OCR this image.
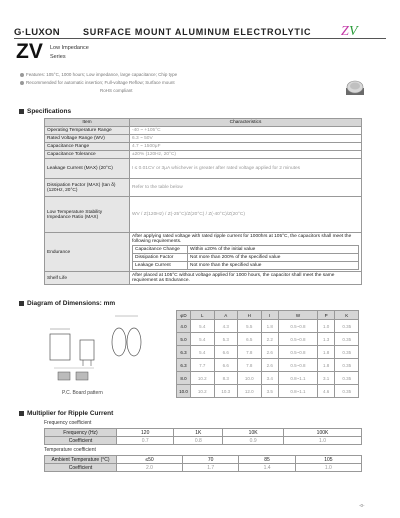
G·LUXON	SURFACE MOUNT ALUMINUM ELECTROLYTIC Z V
ZV Low Impedance
Series
Features: 105°C, 1000 hours; Low impedance, large capacitance; Chip type
Recommended for automatic insertion; Full-voltage Reflow; Surface mount
RoHS compliant
Specifications
Item	Characteristics
Operating Temperature Range	-40 ~ +105°C
Rated Voltage Range (WV)	6.3 ~ 50V
Capacitance Range	4.7 ~ 1500μF
Capacitance Tolerance	±20% (120Hz, 20°C)
Leakage Current (MAX) (20°C)	I ≤ 0.01CV or 3μA whichever is greater after rated voltage applied for 2 minutes
Dissipation Factor (MAX) (tan δ) (120Hz, 20°C)	Refer to the table below
Low Temperature Stability Impedance Ratio (MAX)	WV / Z(120Hz) / Z(-25°C)/Z(20°C) / Z(-40°C)/Z(20°C)
Endurance	
After applying rated voltage with rated ripple current for 1000hrs at 105°C, the capacitors shall meet the following requirements.
Capacitance Change	Within ±20% of the initial value
Dissipation Factor	Not more than 200% of the specified value
Leakage Current	Not more than the specified value

Shelf Life	After placed at 105°C without voltage applied for 1000 hours, the capacitor shall meet the same requirement as Endurance.
Diagram of Dimensions: mm
P.C. Board pattern
φD	L	A	H	I	W	P	K
4.0	5.4	4.3	5.5	1.8	0.5~0.8	1.0	0.35
5.0	5.4	5.3	6.5	2.2	0.5~0.8	1.3	0.35
6.3	5.4	6.6	7.8	2.6	0.5~0.8	1.8	0.35
6.3	7.7	6.6	7.8	2.6	0.5~0.8	1.8	0.35
8.0	10.2	8.3	10.0	3.4	0.8~1.1	3.1	0.35
10.0	10.2	10.3	12.0	3.5	0.8~1.1	4.6	0.35
Multiplier for Ripple Current
Frequency coefficient
Frequency (Hz)	120	1K	10K	100K
Coefficient	0.7	0.8	0.9	1.0
Temperature coefficient
Ambient Temperature (°C)	≤50	70	85	105
Coefficient	2.0	1.7	1.4	1.0
-0-
